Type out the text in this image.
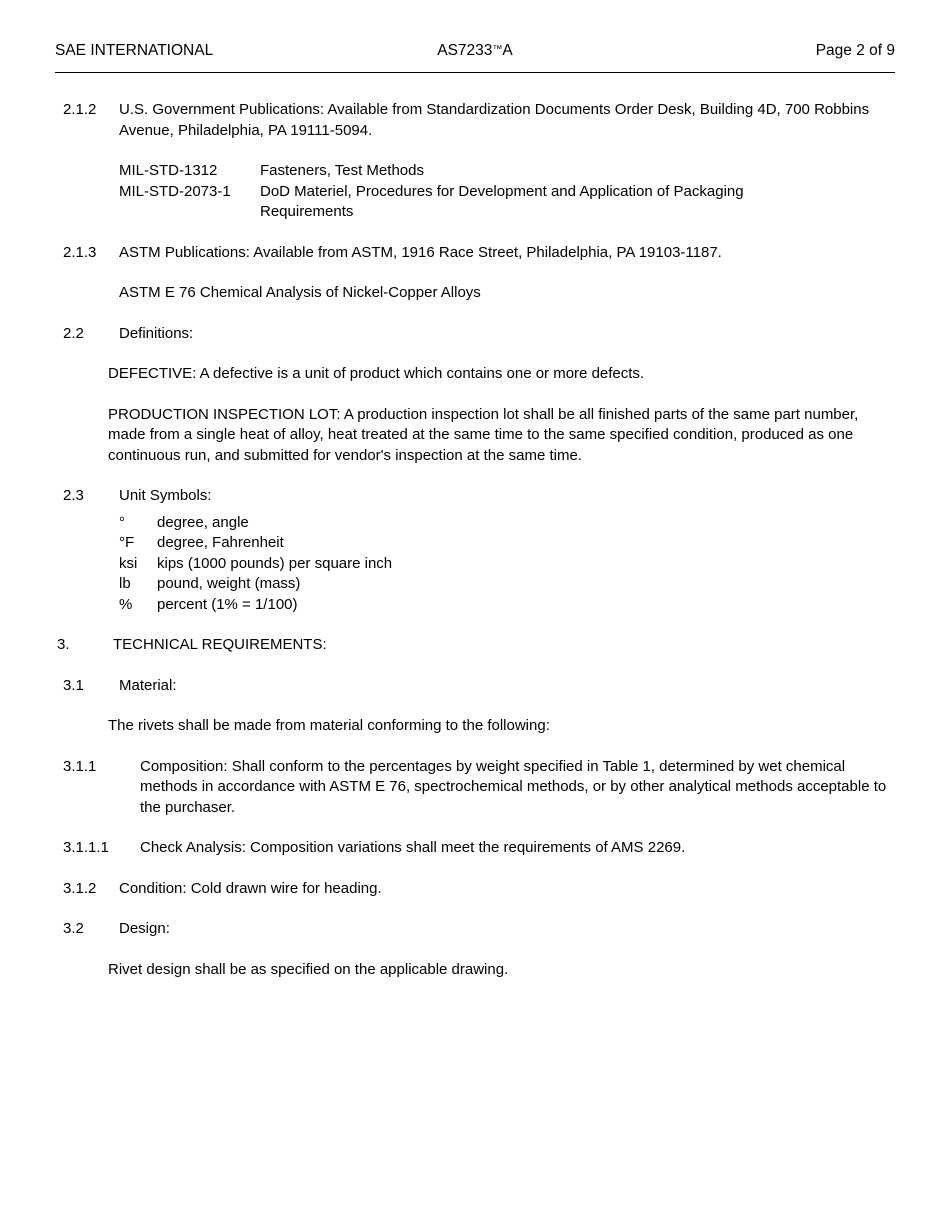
SAE INTERNATIONAL	AS7233™A	Page 2 of 9
2.1.2	U.S. Government Publications: Available from Standardization Documents Order Desk, Building 4D, 700 Robbins Avenue, Philadelphia, PA 19111-5094.
MIL-STD-1312	Fasteners, Test Methods
MIL-STD-2073-1	DoD Materiel, Procedures for Development and Application of Packaging
Requirements
2.1.3	ASTM Publications: Available from ASTM, 1916 Race Street, Philadelphia, PA 19103-1187.
ASTM E 76 Chemical Analysis of Nickel-Copper Alloys
2.2	Definitions:
DEFECTIVE: A defective is a unit of product which contains one or more defects.
PRODUCTION INSPECTION LOT: A production inspection lot shall be all finished parts of the same part number, made from a single heat of alloy, heat treated at the same time to the same specified condition, produced as one continuous run, and submitted for vendor's inspection at the same time.
2.3	Unit Symbols:
°	degree, angle
°F	degree, Fahrenheit
ksi	kips (1000 pounds) per square inch
lb	pound, weight (mass)
%	percent (1% = 1/100)
3.	TECHNICAL REQUIREMENTS:
3.1	Material:
The rivets shall be made from material conforming to the following:
3.1.1	Composition: Shall conform to the percentages by weight specified in Table 1, determined by wet chemical methods in accordance with ASTM E 76, spectrochemical methods, or by other analytical methods acceptable to the purchaser.
3.1.1.1	Check Analysis: Composition variations shall meet the requirements of AMS 2269.
3.1.2	Condition: Cold drawn wire for heading.
3.2	Design:
Rivet design shall be as specified on the applicable drawing.
